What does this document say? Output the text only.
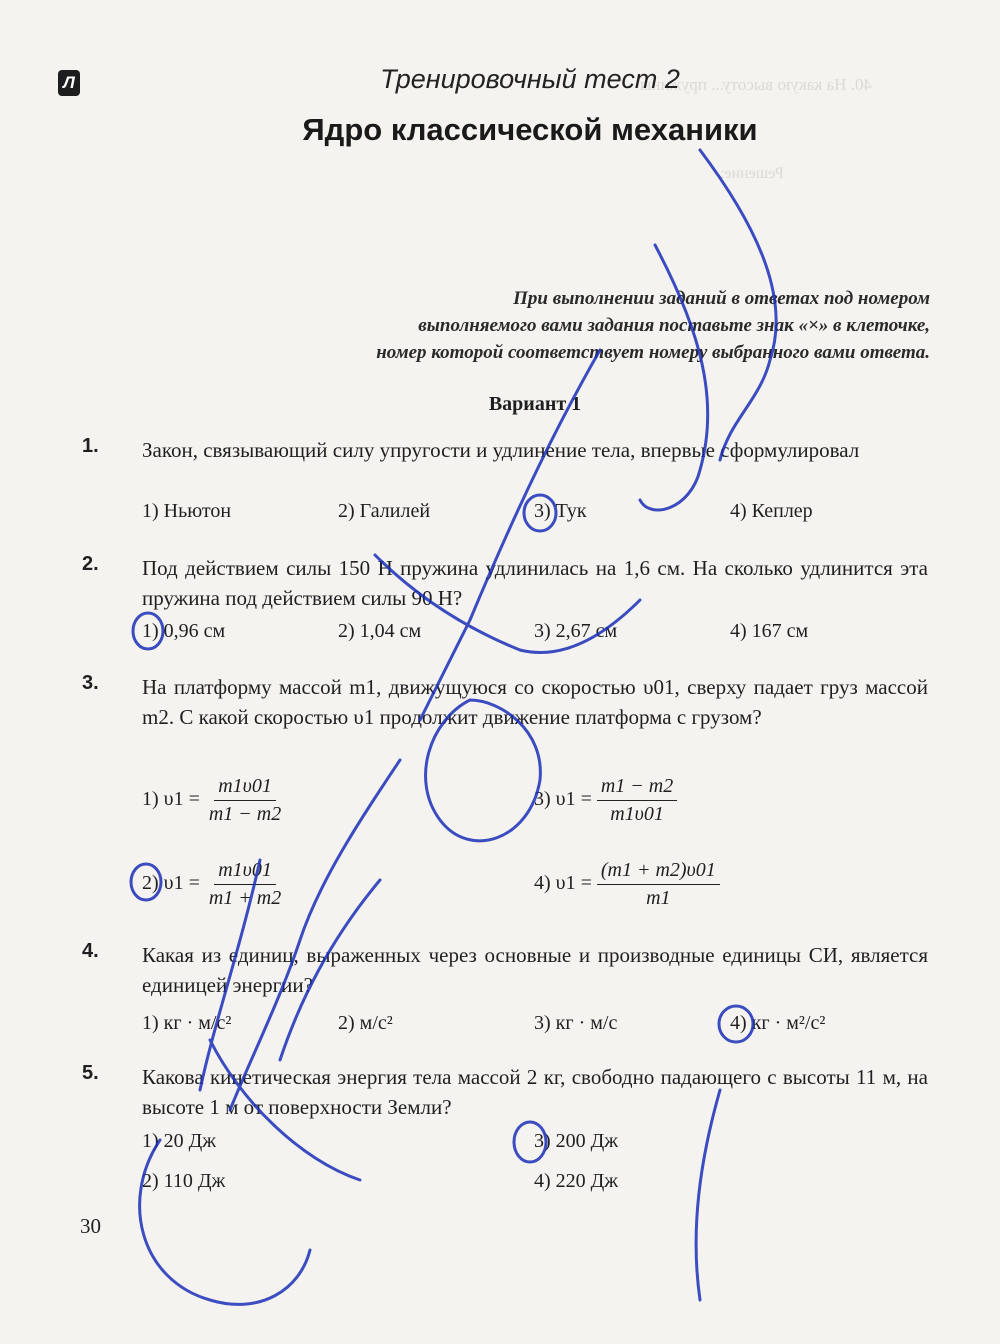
40. На какую высоту... пружины
Решение:
Л	Тренировочный тест 2
Ядро классической механики
При выполнении заданий в ответах под номером
выполняемого вами задания поставьте знак «×» в клеточке,
номер которой соответствует номеру выбранного вами ответа.
Вариант 1
1. Закон, связывающий силу упругости и удлинение тела, впервые сформулировал
1) Ньютон	2) Галилей	3) Тук	4) Кеплер
2. Под действием силы 150 Н пружина удлинилась на 1,6 см. На сколько удлинится эта пружина под действием силы 90 Н?
1) 0,96 см	2) 1,04 см	3) 2,67 см	4) 167 см
3. На платформу массой m1, движущуюся со скоростью υ01, сверху падает груз массой m2. С какой скоростью υ1 продолжит движение платформа с грузом?
1) $\upsilon 1 = \frac{m1\upsilon 01}{m1 - m2}$	3) $\upsilon 1 = \frac{m1 - m2}{m1\upsilon 01}$
2) $\upsilon 1 = \frac{m1\upsilon 01}{m1 + m2}$	4) $\upsilon 1 = \frac{(m1 + m2)\upsilon 01}{m1}$
4. Какая из единиц, выраженных через основные и производные единицы СИ, является единицей энергии?
1) кг · м/с²	2) м/с²	3) кг · м/с	4) кг · м²/с²
5. Какова кинетическая энергия тела массой 2 кг, свободно падающего с высоты 11 м, на высоте 1 м от поверхности Земли?
1) 20 Дж	3) 200 Дж
2) 110 Дж	4) 220 Дж
30
